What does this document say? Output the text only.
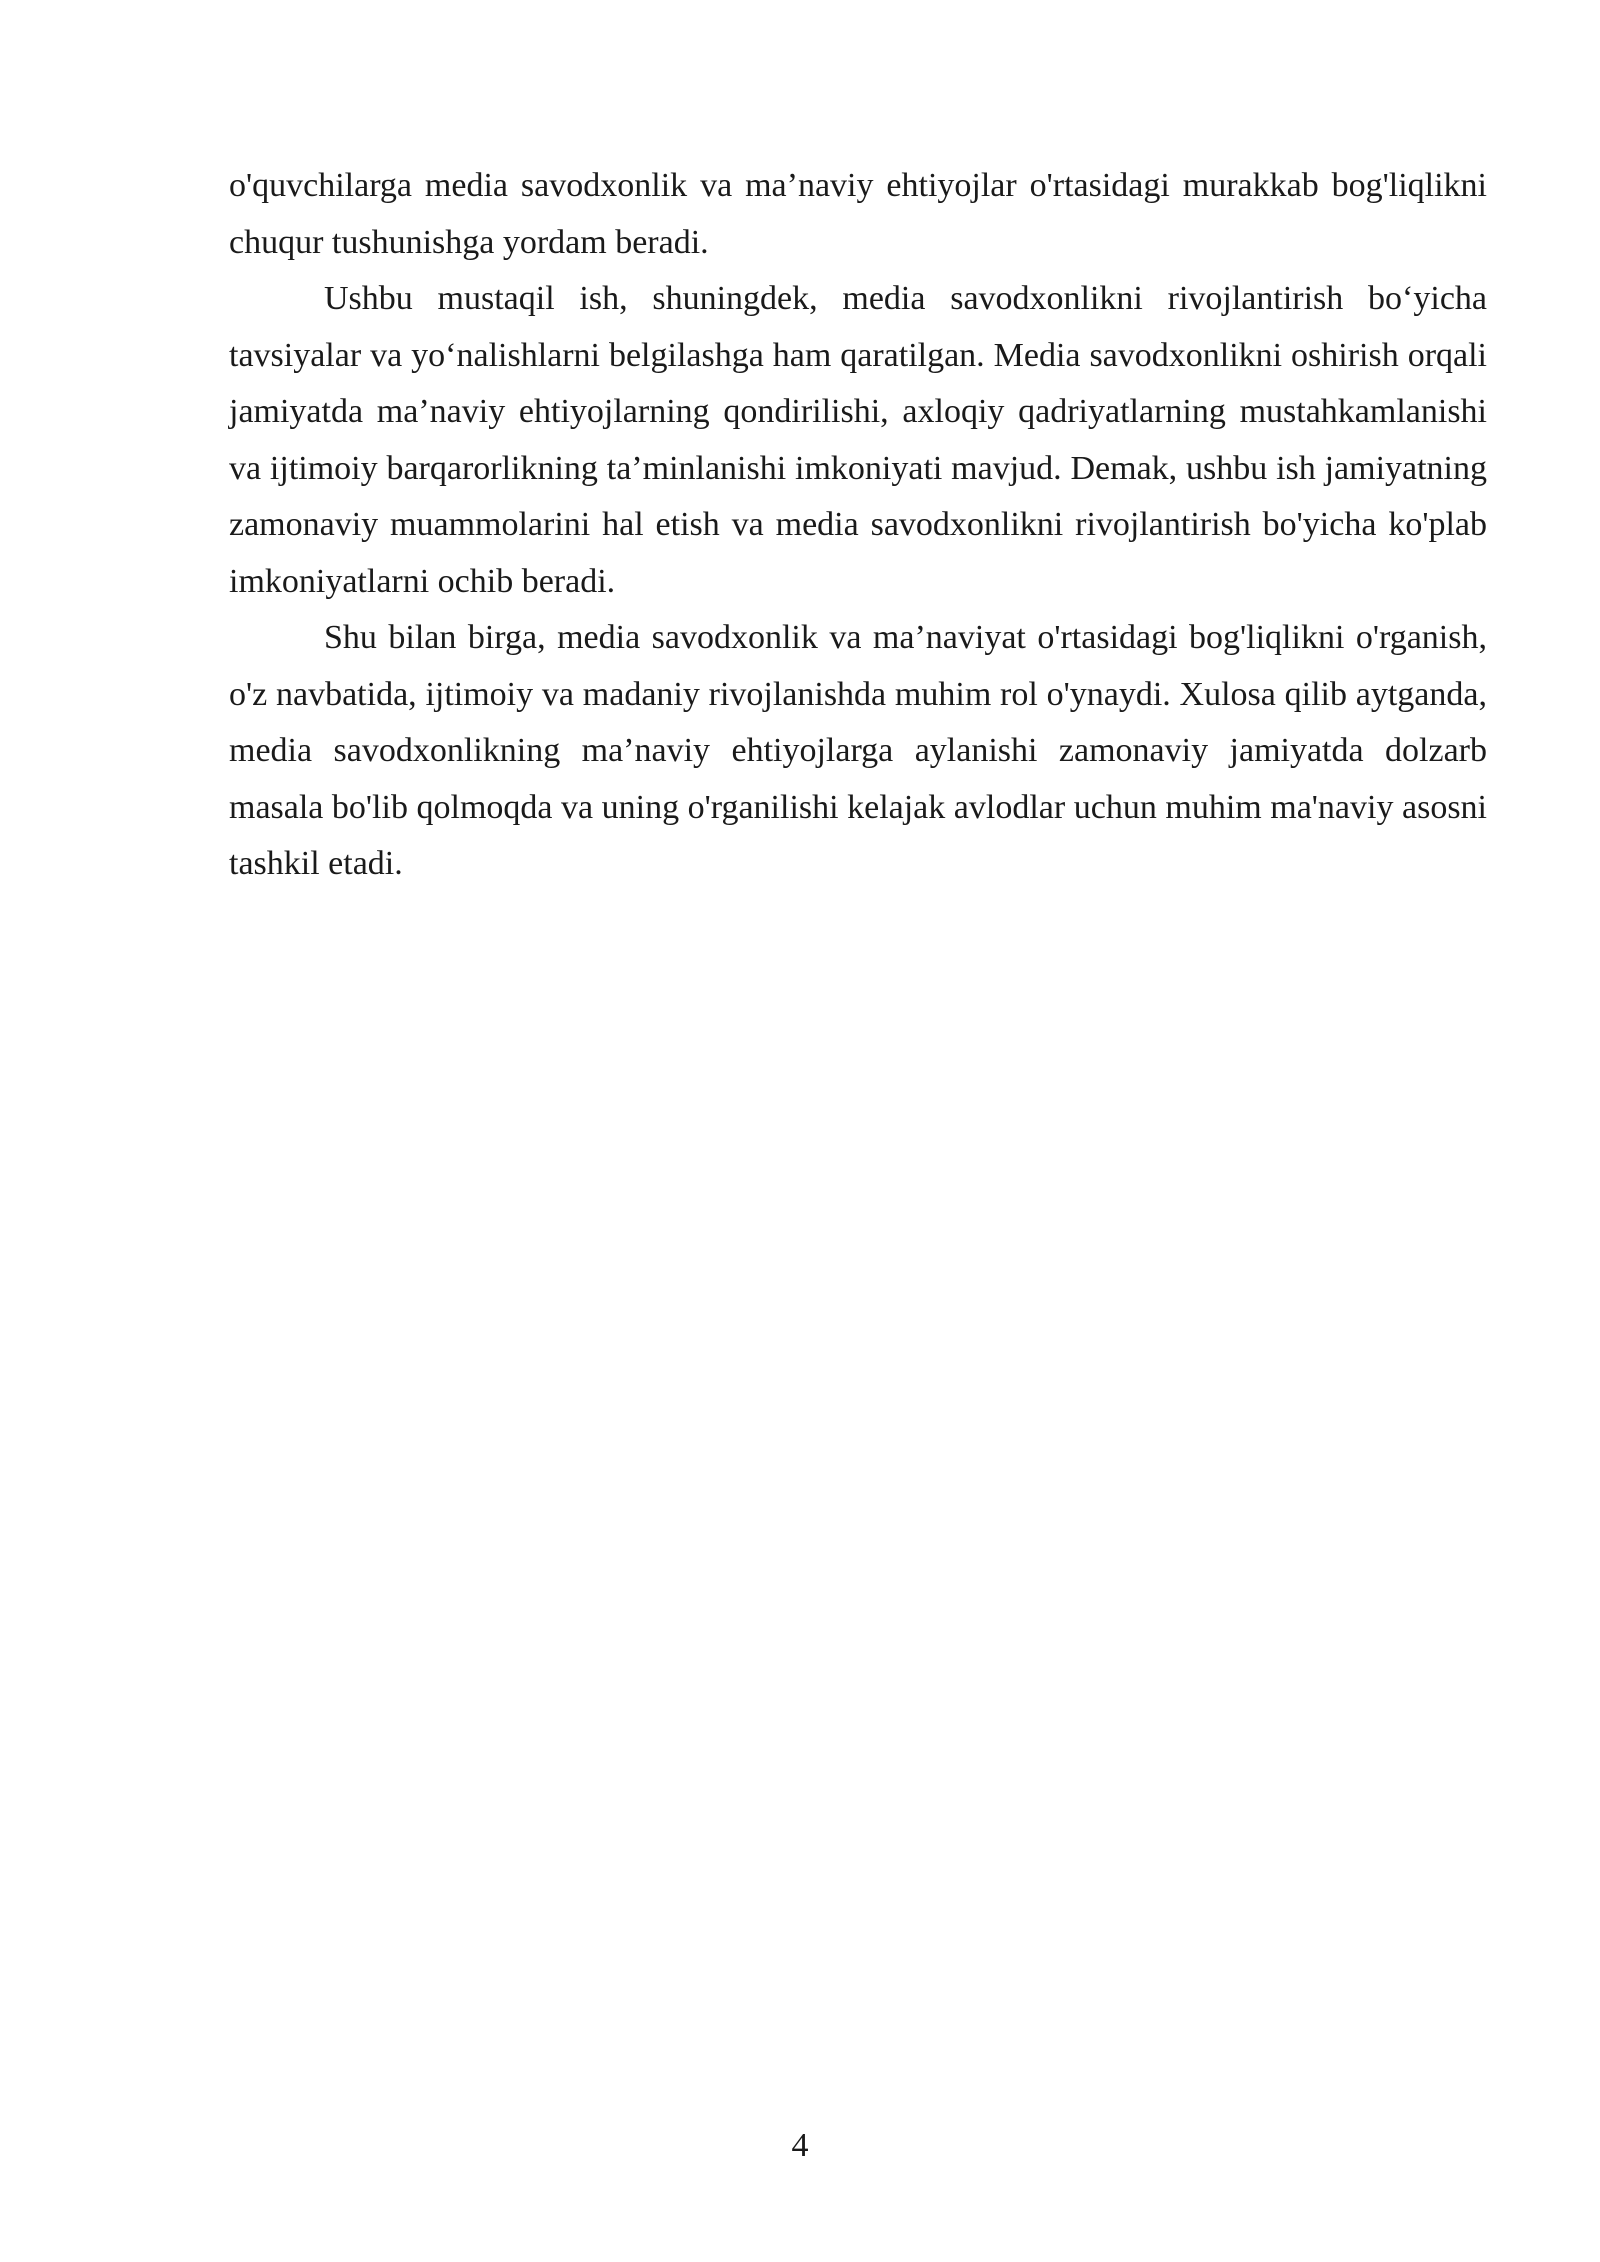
o'quvchilarga media savodxonlik va ma’naviy ehtiyojlar o'rtasidagi murakkab bog'liqlikni chuqur tushunishga yordam beradi.

Ushbu mustaqil ish, shuningdek, media savodxonlikni rivojlantirish bo‘yicha tavsiyalar va yo‘nalishlarni belgilashga ham qaratilgan. Media savodxonlikni oshirish orqali jamiyatda ma’naviy ehtiyojlarning qondirilishi, axloqiy qadriyatlarning mustahkamlanishi va ijtimoiy barqarorlikning ta’minlanishi imkoniyati mavjud. Demak, ushbu ish jamiyatning zamonaviy muammolarini hal etish va media savodxonlikni rivojlantirish bo'yicha ko'plab imkoniyatlarni ochib beradi.

Shu bilan birga, media savodxonlik va ma’naviyat o'rtasidagi bog'liqlikni o'rganish, o'z navbatida, ijtimoiy va madaniy rivojlanishda muhim rol o'ynaydi. Xulosa qilib aytganda, media savodxonlikning ma’naviy ehtiyojlarga aylanishi zamonaviy jamiyatda dolzarb masala bo'lib qolmoqda va uning o'rganilishi kelajak avlodlar uchun muhim ma'naviy asosni tashkil etadi.

4
